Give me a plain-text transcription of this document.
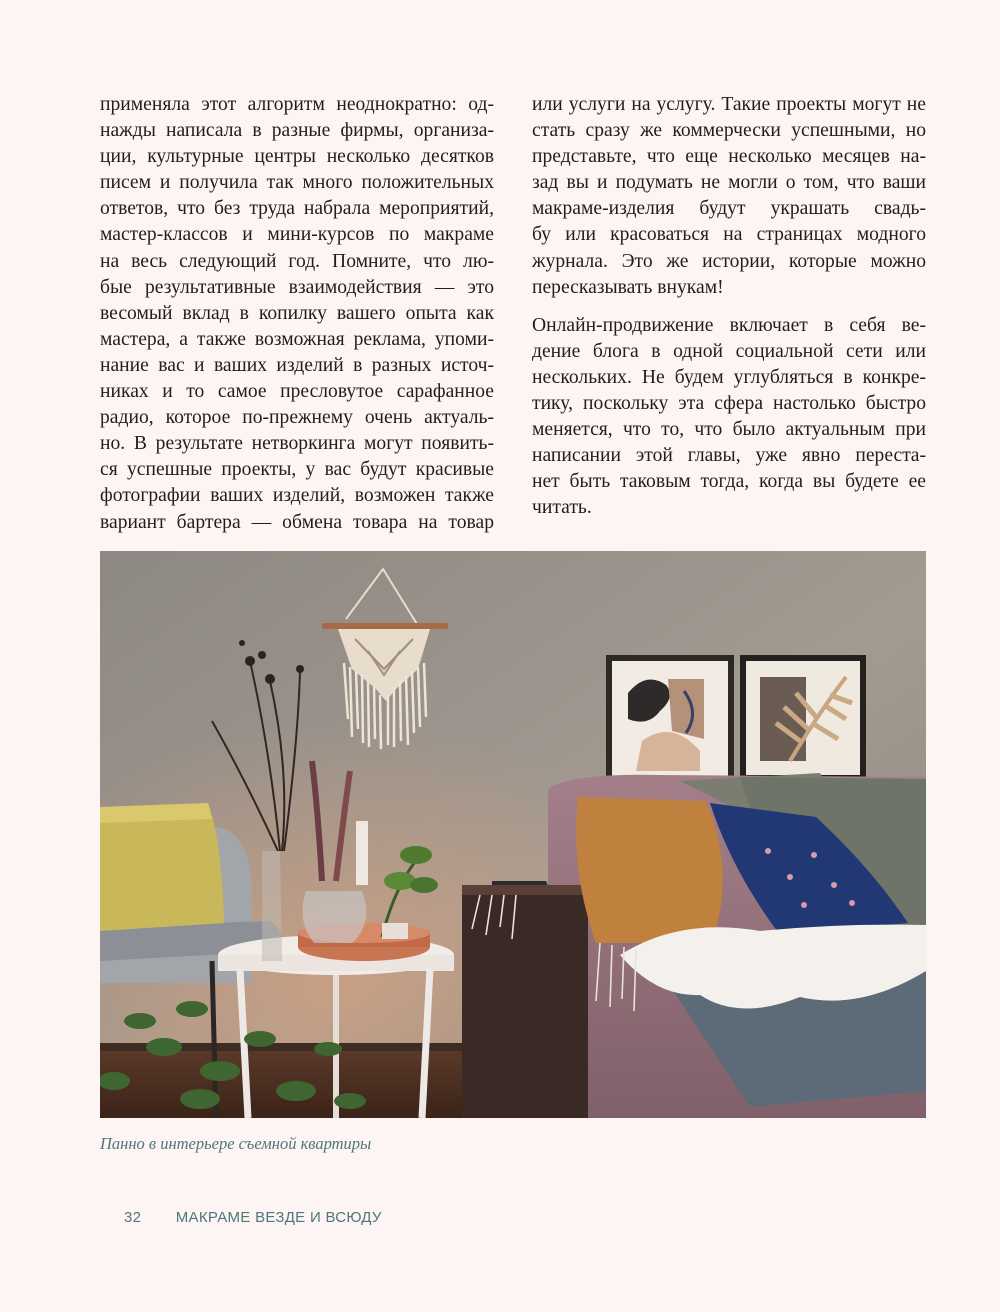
применяла этот алгоритм неоднократно: од-
нажды написала в разные фирмы, организа-
ции, культурные центры несколько десятков
писем и получила так много положительных
ответов, что без труда набрала мероприятий,
мастер-классов и мини-курсов по макраме
на весь следующий год. Помните, что лю-
бые результативные взаимодействия — это
весомый вклад в копилку вашего опыта как
мастера, а также возможная реклама, упоми-
нание вас и ваших изделий в разных источ-
никах и то самое пресловутое сарафанное
радио, которое по-прежнему очень актуаль-
но. В результате нетворкинга могут появить-
ся успешные проекты, у вас будут красивые
фотографии ваших изделий, возможен также
вариант бартера — обмена товара на товар

или услуги на услугу. Такие проекты могут не
стать сразу же коммерчески успешными, но
представьте, что еще несколько месяцев на-
зад вы и подумать не могли о том, что ваши
макраме-изделия будут украшать свадь-
бу или красоваться на страницах модного
журнала. Это же истории, которые можно
пересказывать внукам!

Онлайн-продвижение включает в себя ве-
дение блога в одной социальной сети или
нескольких. Не будем углубляться в конкре-
тику, поскольку эта сфера настолько быстро
меняется, что то, что было актуальным при
написании этой главы, уже явно перестa-
нет быть таковым тогда, когда вы будете ее
читать.

Панно в интерьере съемной квартиры
32 МАКРАМЕ ВЕЗДЕ И ВСЮДУ
